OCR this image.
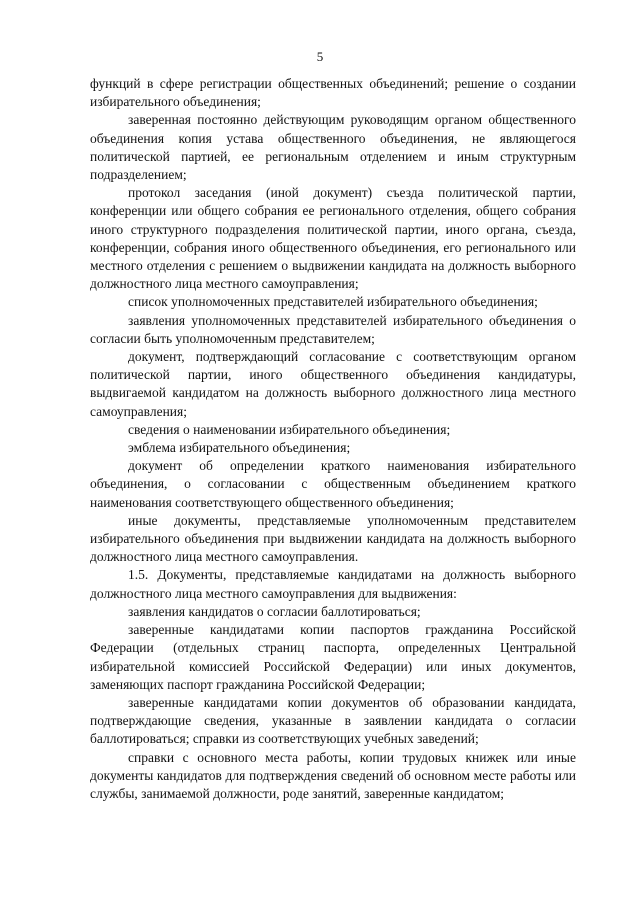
5

функций в сфере регистрации общественных объединений; решение о создании избирательного объединения;

заверенная постоянно действующим руководящим органом общественного объединения копия устава общественного объединения, не являющегося политической партией, ее региональным отделением и иным структурным подразделением;

протокол заседания (иной документ) съезда политической партии, конференции или общего собрания ее регионального отделения, общего собрания иного структурного подразделения политической партии, иного органа, съезда, конференции, собрания иного общественного объединения, его регионального или местного отделения с решением о выдвижении кандидата на должность выборного должностного лица местного самоуправления;

список уполномоченных представителей избирательного объединения;

заявления уполномоченных представителей избирательного объединения о согласии быть уполномоченным представителем;

документ, подтверждающий согласование с соответствующим органом политической партии, иного общественного объединения кандидатуры, выдвигаемой кандидатом на должность выборного должностного лица местного самоуправления;

сведения о наименовании избирательного объединения;

эмблема избирательного объединения;

документ об определении краткого наименования избирательного объединения, о согласовании с общественным объединением краткого наименования соответствующего общественного объединения;

иные документы, представляемые уполномоченным представителем избирательного объединения при выдвижении кандидата на должность выборного должностного лица местного самоуправления.

1.5. Документы, представляемые кандидатами на должность выборного должностного лица местного самоуправления для выдвижения:

заявления кандидатов о согласии баллотироваться;

заверенные кандидатами копии паспортов гражданина Российской Федерации (отдельных страниц паспорта, определенных Центральной избирательной комиссией Российской Федерации) или иных документов, заменяющих паспорт гражданина Российской Федерации;

заверенные кандидатами копии документов об образовании кандидата, подтверждающие сведения, указанные в заявлении кандидата о согласии баллотироваться; справки из соответствующих учебных заведений;

справки с основного места работы, копии трудовых книжек или иные документы кандидатов для подтверждения сведений об основном месте работы или службы, занимаемой должности, роде занятий, заверенные кандидатом;
